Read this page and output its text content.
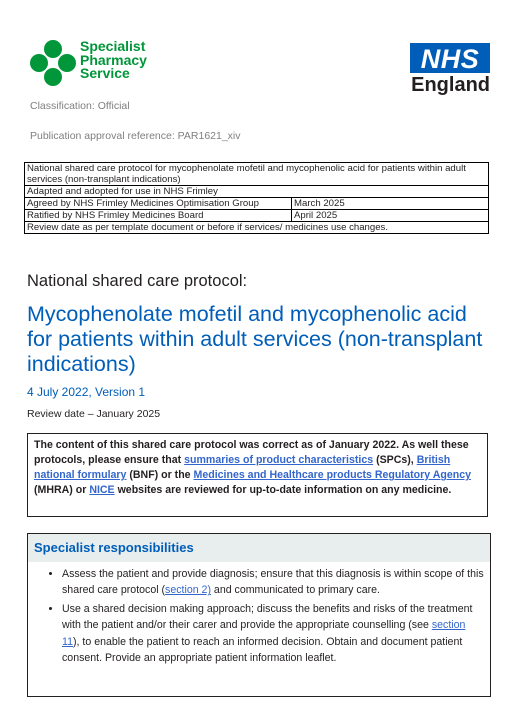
Specialist
Pharmacy
Service	NHS
England
Classification: Official
Publication approval reference: PAR1621_xiv
National shared care protocol for mycophenolate mofetil and mycophenolic acid for patients within adult services (non-transplant indications)	
Adapted and adopted for use in NHS Frimley	
Agreed by NHS Frimley Medicines Optimisation Group	March 2025
Ratified by NHS Frimley Medicines Board	April 2025
Review date as per template document or before if services/ medicines use changes.	
National shared care protocol:
Mycophenolate mofetil and mycophenolic acid for patients within adult services (non-transplant indications)
4 July 2022, Version 1
Review date – January 2025
The content of this shared care protocol was correct as of January 2022. As well these protocols, please ensure that summaries of product characteristics (SPCs), British national formulary (BNF) or the Medicines and Healthcare products Regulatory Agency (MHRA) or NICE websites are reviewed for up-to-date information on any medicine.
Specialist responsibilities
• Assess the patient and provide diagnosis; ensure that this diagnosis is within scope of this shared care protocol (section 2) and communicated to primary care.
• Use a shared decision making approach; discuss the benefits and risks of the treatment with the patient and/or their carer and provide the appropriate counselling (see section 11), to enable the patient to reach an informed decision. Obtain and document patient consent. Provide an appropriate patient information leaflet.
